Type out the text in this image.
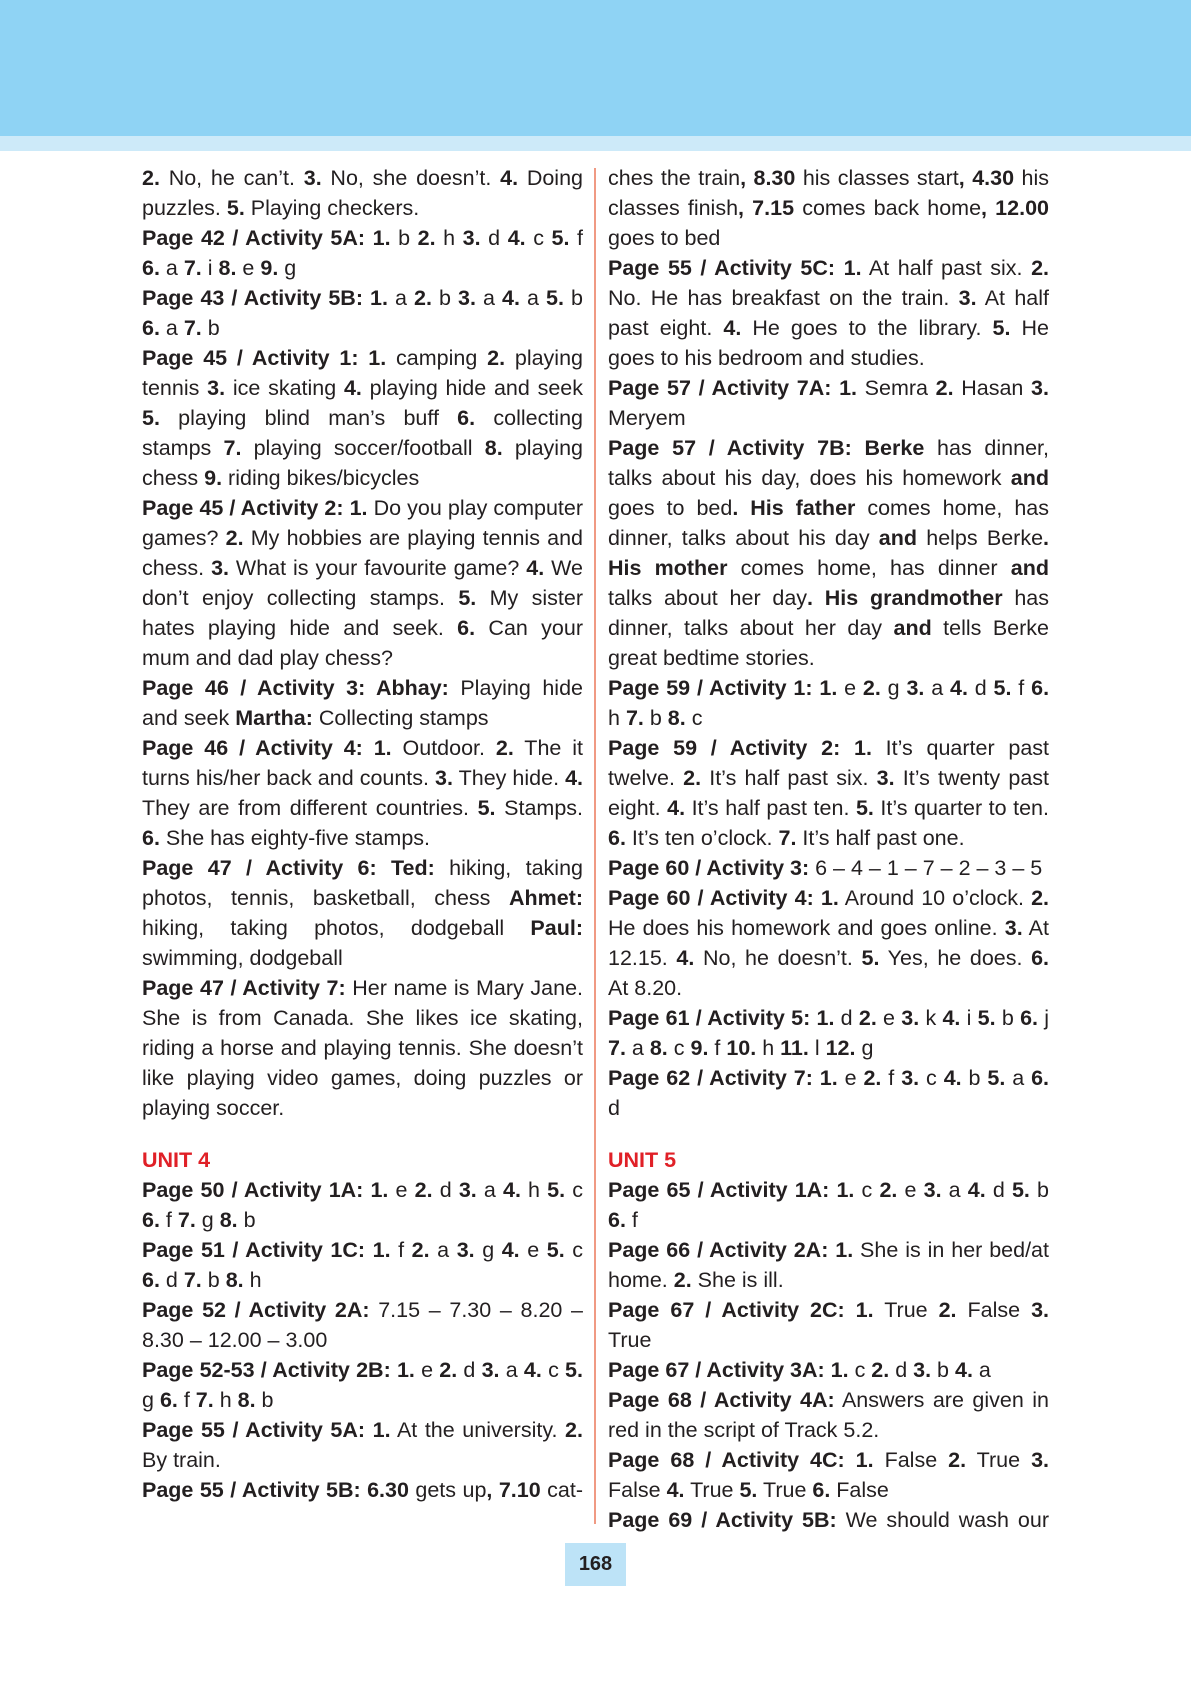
2. No, he can’t. 3. No, she doesn’t. 4. Doing puzzles. 5. Playing checkers.

Page 42 / Activity 5A: 1. b 2. h 3. d 4. c 5. f 6. a 7. i 8. e 9. g

Page 43 / Activity 5B: 1. a 2. b 3. a 4. a 5. b 6. a 7. b

Page 45 / Activity 1: 1. camping 2. playing tennis 3. ice skating 4. playing hide and seek 5. playing blind man’s buff 6. collecting stamps 7. playing soccer/football 8. playing chess 9. riding bikes/bicycles

Page 45 / Activity 2: 1. Do you play computer games? 2. My hobbies are playing tennis and chess. 3. What is your favourite game? 4. We don’t enjoy collecting stamps. 5. My sister hates playing hide and seek. 6. Can your mum and dad play chess?

Page 46 / Activity 3: Abhay: Playing hide and seek Martha: Collecting stamps

Page 46 / Activity 4: 1. Outdoor. 2. The it turns his/her back and counts. 3. They hide. 4. They are from different countries. 5. Stamps. 6. She has eighty-five stamps.

Page 47 / Activity 6: Ted: hiking, taking photos, tennis, basketball, chess Ahmet: hiking, taking photos, dodgeball Paul: swimming, dodgeball

Page 47 / Activity 7: Her name is Mary Jane. She is from Canada. She likes ice skating, riding a horse and playing tennis. She doesn’t like playing video games, doing puzzles or playing soccer.

UNIT 4

Page 50 / Activity 1A: 1. e 2. d 3. a 4. h 5. c 6. f 7. g 8. b

Page 51 / Activity 1C: 1. f 2. a 3. g 4. e 5. c 6. d 7. b 8. h

Page 52 / Activity 2A: 7.15 – 7.30 – 8.20 – 8.30 – 12.00 – 3.00

Page 52-53 / Activity 2B: 1. e 2. d 3. a 4. c 5. g 6. f 7. h 8. b

Page 55 / Activity 5A: 1. At the university. 2. By train.

Page 55 / Activity 5B: 6.30 gets up, 7.10 cat-

ches the train, 8.30 his classes start, 4.30 his classes finish, 7.15 comes back home, 12.00 goes to bed

Page 55 / Activity 5C: 1. At half past six. 2. No. He has breakfast on the train. 3. At half past eight. 4. He goes to the library. 5. He goes to his bedroom and studies.

Page 57 / Activity 7A: 1. Semra 2. Hasan 3. Meryem

Page 57 / Activity 7B: Berke has dinner, talks about his day, does his homework and goes to bed. His father comes home, has dinner, talks about his day and helps Berke. His mother comes home, has dinner and talks about her day. His grandmother has dinner, talks about her day and tells Berke great bedtime stories.

Page 59 / Activity 1: 1. e 2. g 3. a 4. d 5. f 6. h 7. b 8. c

Page 59 / Activity 2: 1. It’s quarter past twelve. 2. It’s half past six. 3. It’s twenty past eight. 4. It’s half past ten. 5. It’s quarter to ten. 6. It’s ten o’clock. 7. It’s half past one.

Page 60 / Activity 3: 6 – 4 – 1 – 7 – 2 – 3 – 5

Page 60 / Activity 4: 1. Around 10 o’clock. 2. He does his homework and goes online. 3. At 12.15. 4. No, he doesn’t. 5. Yes, he does. 6. At 8.20.

Page 61 / Activity 5: 1. d 2. e 3. k 4. i 5. b 6. j 7. a 8. c 9. f 10. h 11. l 12. g

Page 62 / Activity 7: 1. e 2. f 3. c 4. b 5. a 6. d

UNIT 5

Page 65 / Activity 1A: 1. c 2. e 3. a 4. d 5. b 6. f

Page 66 / Activity 2A: 1. She is in her bed/at home. 2. She is ill.

Page 67 / Activity 2C: 1. True 2. False 3. True

Page 67 / Activity 3A: 1. c 2. d 3. b 4. a

Page 68 / Activity 4A: Answers are given in red in the script of Track 5.2.

Page 68 / Activity 4C: 1. False 2. True 3. False 4. True 5. True 6. False

Page 69 / Activity 5B: We should wash our

168
